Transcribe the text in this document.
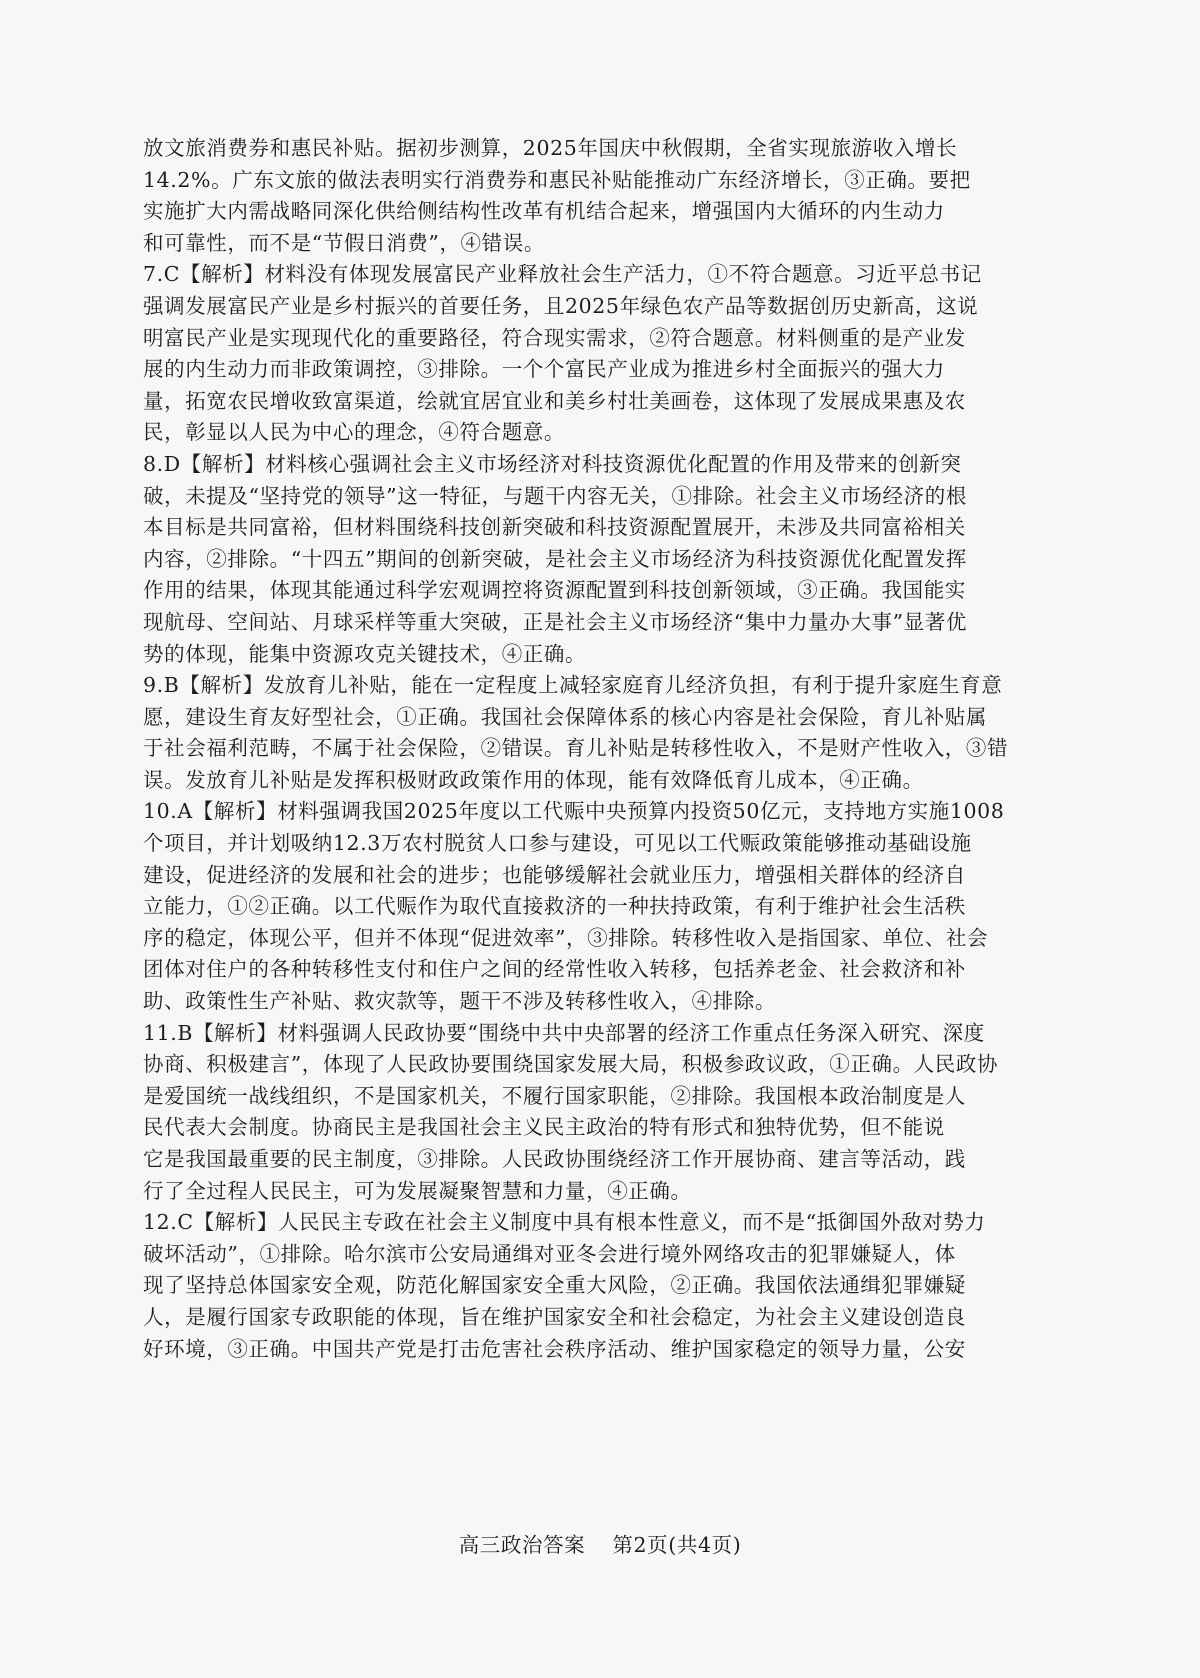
放文旅消费券和惠民补贴。据初步测算，2025年国庆中秋假期，全省实现旅游收入增长
14.2%。广东文旅的做法表明实行消费券和惠民补贴能推动广东经济增长，③正确。要把
实施扩大内需战略同深化供给侧结构性改革有机结合起来，增强国内大循环的内生动力
和可靠性，而不是“节假日消费”，④错误。
7.C【解析】材料没有体现发展富民产业释放社会生产活力，①不符合题意。习近平总书记
强调发展富民产业是乡村振兴的首要任务，且2025年绿色农产品等数据创历史新高，这说
明富民产业是实现现代化的重要路径，符合现实需求，②符合题意。材料侧重的是产业发
展的内生动力而非政策调控，③排除。一个个富民产业成为推进乡村全面振兴的强大力
量，拓宽农民增收致富渠道，绘就宜居宜业和美乡村壮美画卷，这体现了发展成果惠及农
民，彰显以人民为中心的理念，④符合题意。
8.D【解析】材料核心强调社会主义市场经济对科技资源优化配置的作用及带来的创新突
破，未提及“坚持党的领导”这一特征，与题干内容无关，①排除。社会主义市场经济的根
本目标是共同富裕，但材料围绕科技创新突破和科技资源配置展开，未涉及共同富裕相关
内容，②排除。“十四五”期间的创新突破，是社会主义市场经济为科技资源优化配置发挥
作用的结果，体现其能通过科学宏观调控将资源配置到科技创新领域，③正确。我国能实
现航母、空间站、月球采样等重大突破，正是社会主义市场经济“集中力量办大事”显著优
势的体现，能集中资源攻克关键技术，④正确。
9.B【解析】发放育儿补贴，能在一定程度上减轻家庭育儿经济负担，有利于提升家庭生育意
愿，建设生育友好型社会，①正确。我国社会保障体系的核心内容是社会保险，育儿补贴属
于社会福利范畴，不属于社会保险，②错误。育儿补贴是转移性收入，不是财产性收入，③错
误。发放育儿补贴是发挥积极财政政策作用的体现，能有效降低育儿成本，④正确。
10.A【解析】材料强调我国2025年度以工代赈中央预算内投资50亿元，支持地方实施1008
个项目，并计划吸纳12.3万农村脱贫人口参与建设，可见以工代赈政策能够推动基础设施
建设，促进经济的发展和社会的进步；也能够缓解社会就业压力，增强相关群体的经济自
立能力，①②正确。以工代赈作为取代直接救济的一种扶持政策，有利于维护社会生活秩
序的稳定，体现公平，但并不体现“促进效率”，③排除。转移性收入是指国家、单位、社会
团体对住户的各种转移性支付和住户之间的经常性收入转移，包括养老金、社会救济和补
助、政策性生产补贴、救灾款等，题干不涉及转移性收入，④排除。
11.B【解析】材料强调人民政协要“围绕中共中央部署的经济工作重点任务深入研究、深度
协商、积极建言”，体现了人民政协要围绕国家发展大局，积极参政议政，①正确。人民政协
是爱国统一战线组织，不是国家机关，不履行国家职能，②排除。我国根本政治制度是人
民代表大会制度。协商民主是我国社会主义民主政治的特有形式和独特优势，但不能说
它是我国最重要的民主制度，③排除。人民政协围绕经济工作开展协商、建言等活动，践
行了全过程人民民主，可为发展凝聚智慧和力量，④正确。
12.C【解析】人民民主专政在社会主义制度中具有根本性意义，而不是“抵御国外敌对势力
破坏活动”，①排除。哈尔滨市公安局通缉对亚冬会进行境外网络攻击的犯罪嫌疑人，体
现了坚持总体国家安全观，防范化解国家安全重大风险，②正确。我国依法通缉犯罪嫌疑
人，是履行国家专政职能的体现，旨在维护国家安全和社会稳定，为社会主义建设创造良
好环境，③正确。中国共产党是打击危害社会秩序活动、维护国家稳定的领导力量，公安
高三政治答案 第2页(共4页)
